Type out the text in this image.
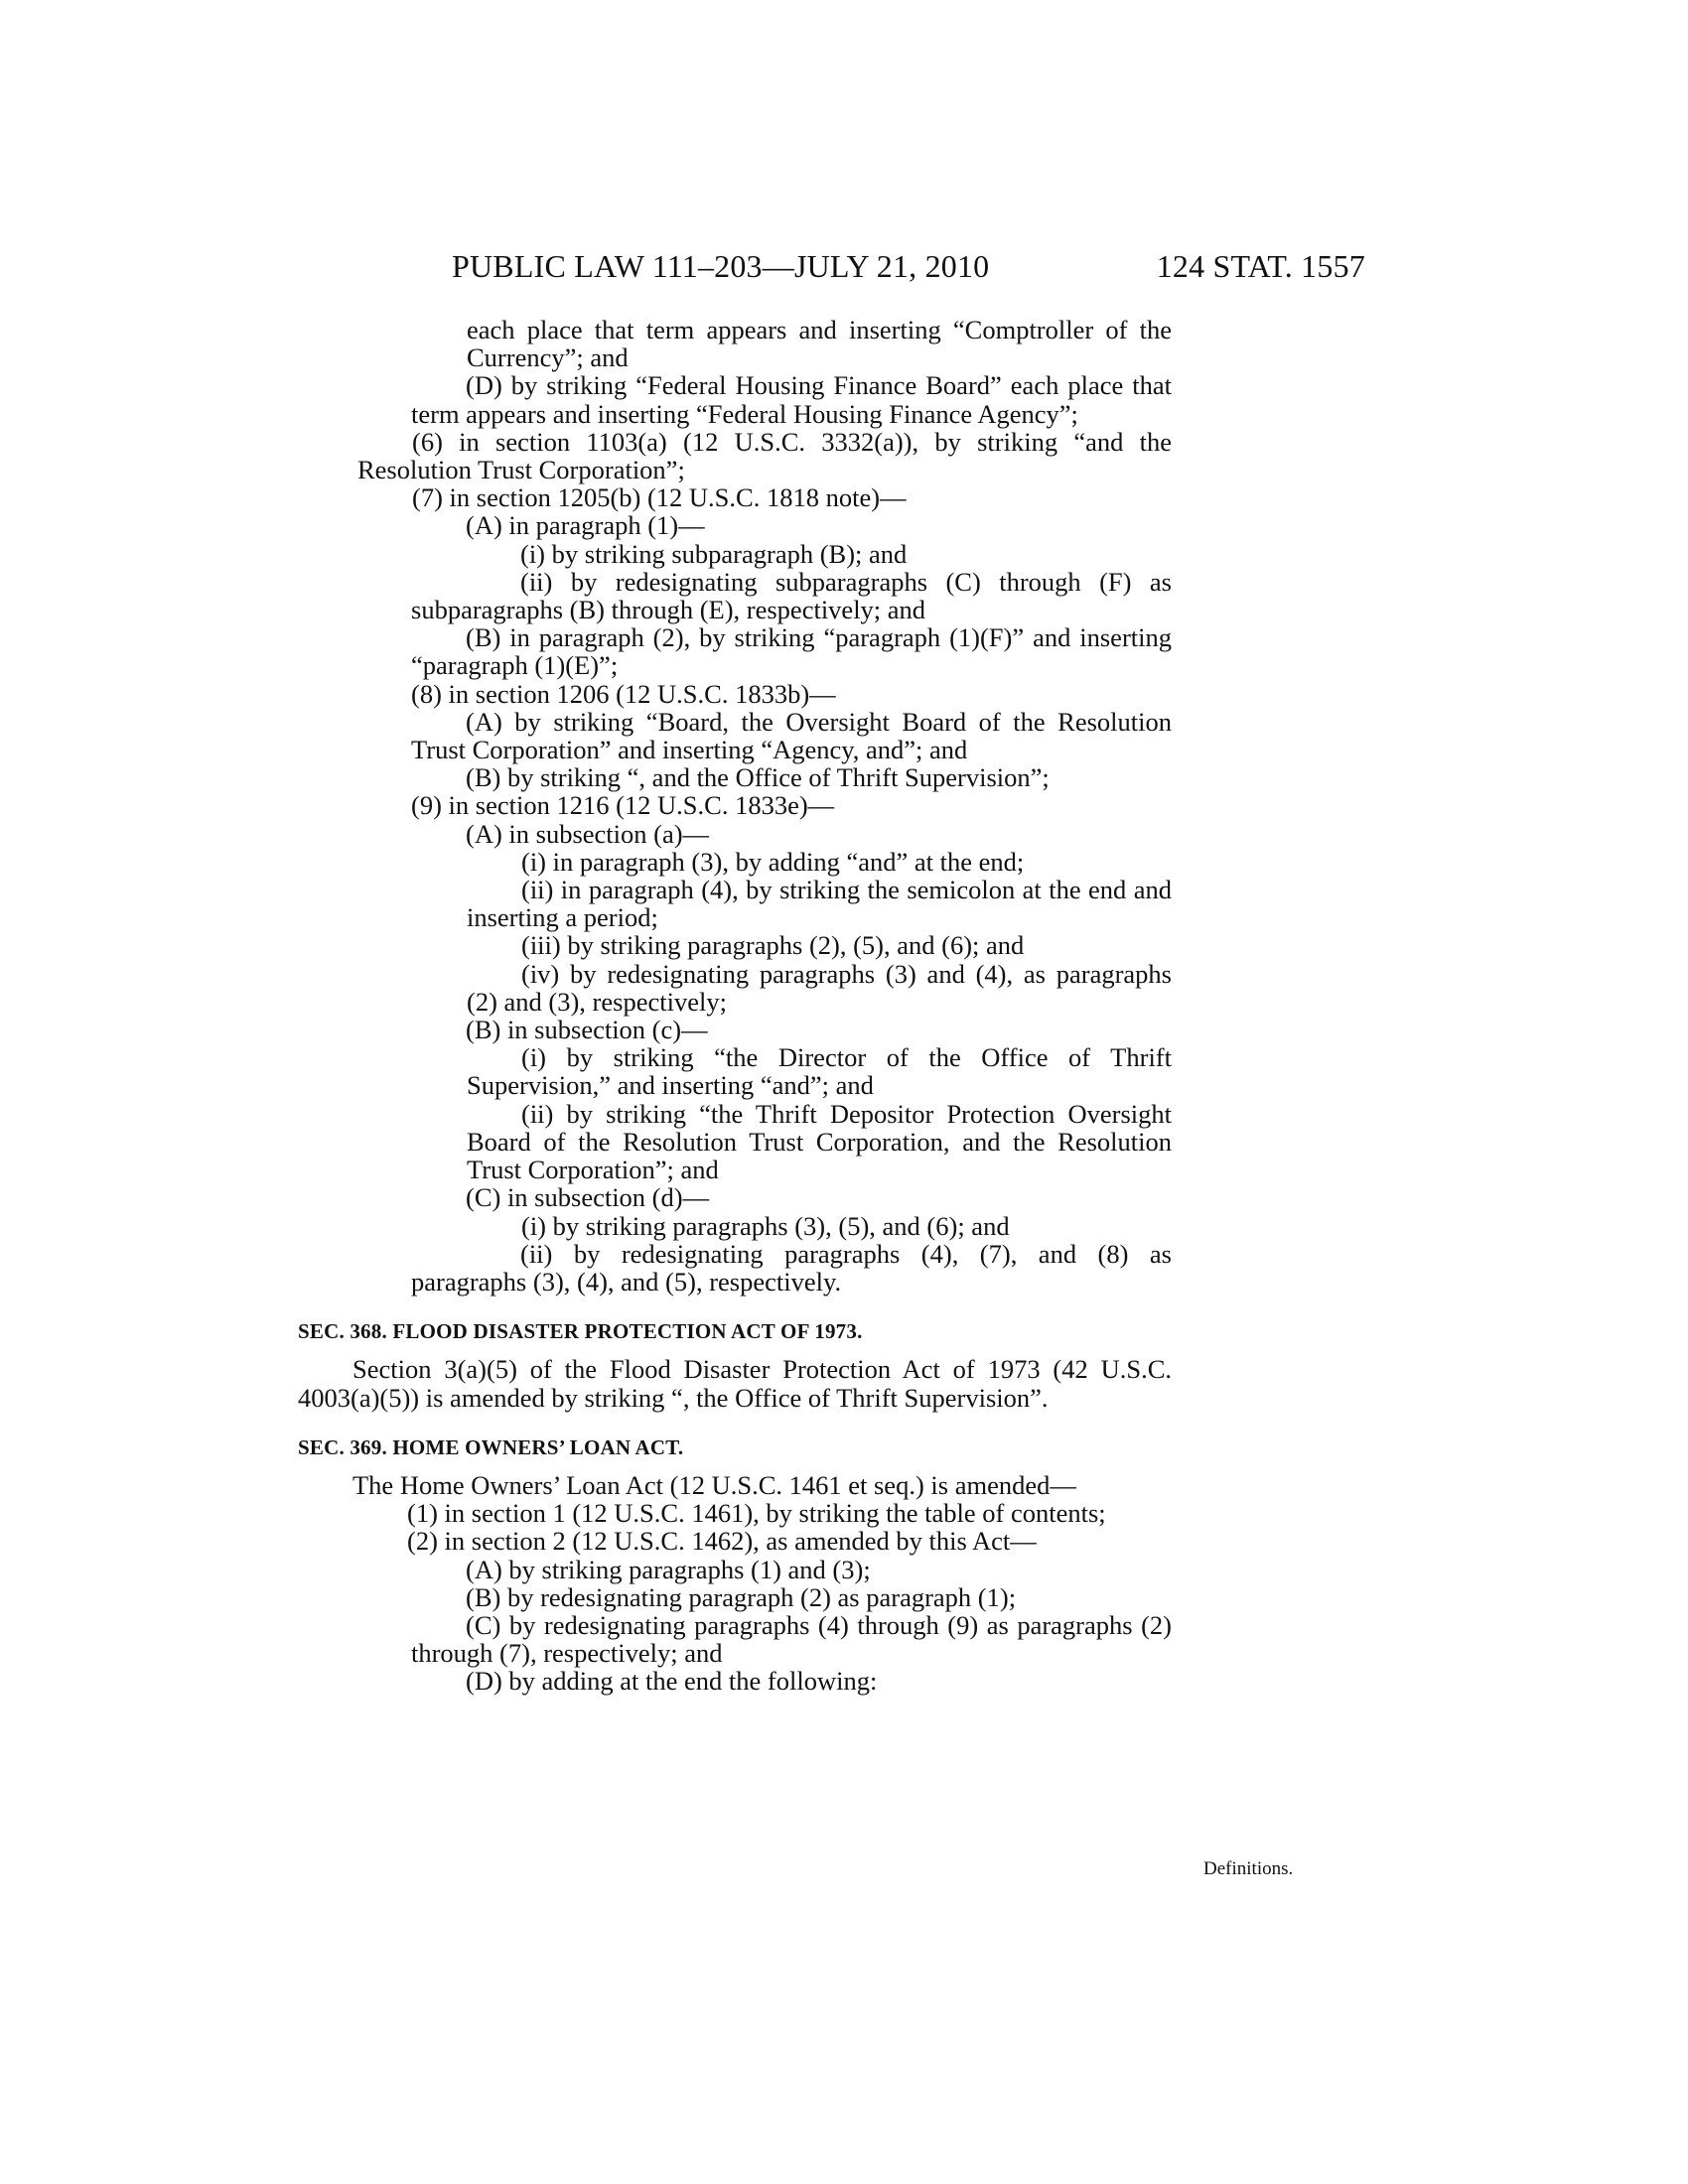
PUBLIC LAW 111–203—JULY 21, 2010	124 STAT. 1557

each place that term appears and inserting “Comptroller of the Currency”; and

(D) by striking “Federal Housing Finance Board” each place that term appears and inserting “Federal Housing Finance Agency”;

(6) in section 1103(a) (12 U.S.C. 3332(a)), by striking “and the Resolution Trust Corporation”;

(7) in section 1205(b) (12 U.S.C. 1818 note)—

(A) in paragraph (1)—

(i) by striking subparagraph (B); and

(ii) by redesignating subparagraphs (C) through (F) as subparagraphs (B) through (E), respectively; and

(B) in paragraph (2), by striking “paragraph (1)(F)” and inserting “paragraph (1)(E)”;

(8) in section 1206 (12 U.S.C. 1833b)—

(A) by striking “Board, the Oversight Board of the Resolution Trust Corporation” and inserting “Agency, and”; and

(B) by striking “, and the Office of Thrift Supervision”;

(9) in section 1216 (12 U.S.C. 1833e)—

(A) in subsection (a)—

(i) in paragraph (3), by adding “and” at the end;

(ii) in paragraph (4), by striking the semicolon at the end and inserting a period;

(iii) by striking paragraphs (2), (5), and (6); and

(iv) by redesignating paragraphs (3) and (4), as paragraphs (2) and (3), respectively;

(B) in subsection (c)—

(i) by striking “the Director of the Office of Thrift Supervision,” and inserting “and”; and

(ii) by striking “the Thrift Depositor Protection Oversight Board of the Resolution Trust Corporation, and the Resolution Trust Corporation”; and

(C) in subsection (d)—

(i) by striking paragraphs (3), (5), and (6); and

(ii) by redesignating paragraphs (4), (7), and (8) as paragraphs (3), (4), and (5), respectively.

SEC. 368. FLOOD DISASTER PROTECTION ACT OF 1973.

Section 3(a)(5) of the Flood Disaster Protection Act of 1973 (42 U.S.C. 4003(a)(5)) is amended by striking “, the Office of Thrift Supervision”.

SEC. 369. HOME OWNERS’ LOAN ACT.

The Home Owners’ Loan Act (12 U.S.C. 1461 et seq.) is amended—

(1) in section 1 (12 U.S.C. 1461), by striking the table of contents;

(2) in section 2 (12 U.S.C. 1462), as amended by this Act—

(A) by striking paragraphs (1) and (3);

(B) by redesignating paragraph (2) as paragraph (1);

(C) by redesignating paragraphs (4) through (9) as paragraphs (2) through (7), respectively; and

(D) by adding at the end the following:

Definitions.
